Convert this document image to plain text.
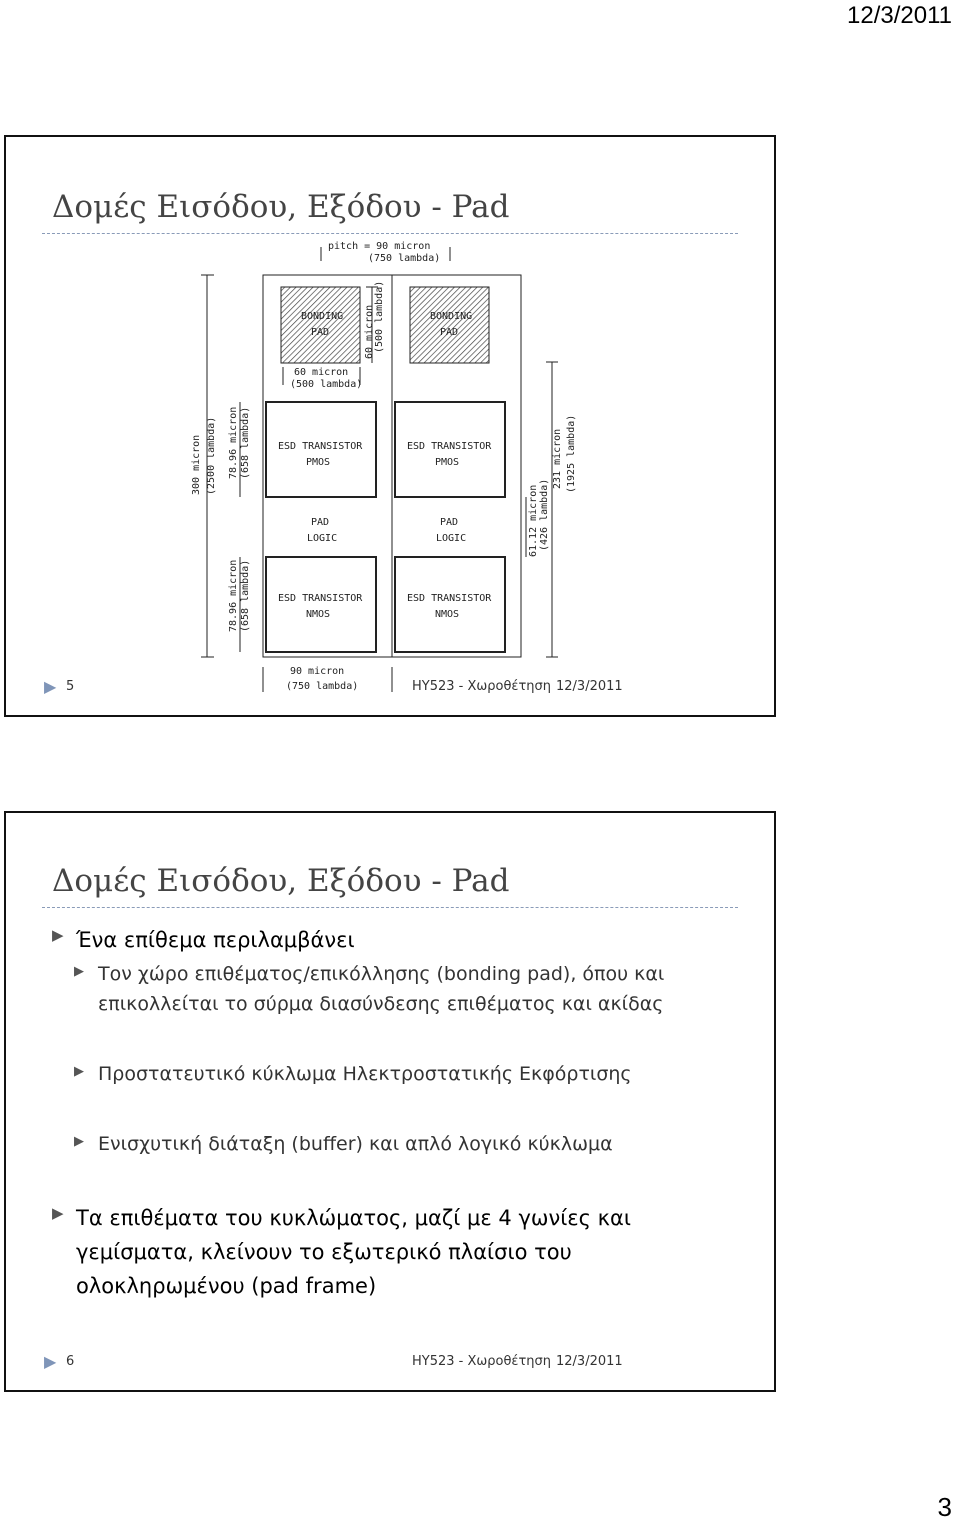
12/3/2011
Δομές Εισόδου, Εξόδου - Pad
pitch = 90 micron
(750 lambda)
BONDING
PAD
BONDING
PAD
60 micron
(500 lambda)
60 micron (500 lambda)
ESD TRANSISTOR
PMOS
ESD TRANSISTOR
PMOS
PAD
LOGIC
PAD
LOGIC
ESD TRANSISTOR
NMOS
ESD TRANSISTOR
NMOS
300 micron (2500 lambda) 78.96 micron (658 lambda)
78.96 micron (658 lambda)
231 micron (1925 lambda)
61.12 micron (426 lambda)
90 micron
(750 lambda)
▶ 5	HY523 - Χωροθέτηση 12/3/2011
Δομές Εισόδου, Εξόδου - Pad
▶ Ένα επίθεμα περιλαμβάνει
▶ Τον χώρο επιθέματος/επικόλλησης (bonding pad), όπου και
επικολλείται το σύρμα διασύνδεσης επιθέματος και ακίδας
▶ Προστατευτικό κύκλωμα Ηλεκτροστατικής Εκφόρτισης
▶ Ενισχυτική διάταξη (buffer) και απλό λογικό κύκλωμα
▶ Τα επιθέματα του κυκλώματος, μαζί με 4 γωνίες και
γεμίσματα, κλείνουν το εξωτερικό πλαίσιο του
ολοκληρωμένου (pad frame)
▶ 6	HY523 - Χωροθέτηση 12/3/2011
3
